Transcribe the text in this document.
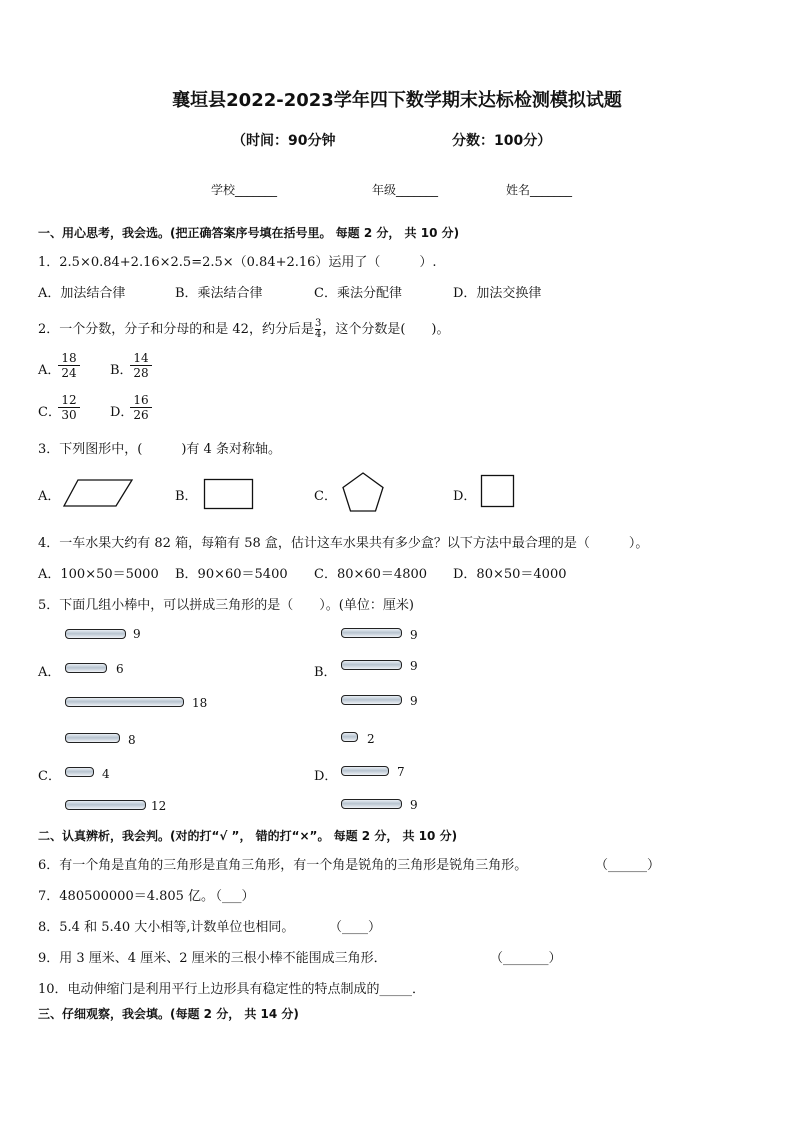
襄垣县2022-2023学年四下数学期末达标检测模拟试题
（时间：90分钟	分数：100分）
学校_______	年级_______	姓名_______
一、用心思考，我会选。(把正确答案序号填在括号里。 每题 2 分， 共 10 分)
1．2.5×0.84+2.16×2.5=2.5×（0.84+2.16）运用了（　　　）.
A．加法结合律	B．乘法结合律	C．乘法分配律	D．加法交换律
2．一个分数，分子和分母的和是 42，约分后是 $\frac{3}{4}$ ，这个分数是(　　)。
A．
$\frac{18}{24}$ B．
$\frac{14}{28}$
C．
$\frac{12}{30}$ D．
$\frac{16}{26}$
3．下列图形中，(　　　)有 4 条对称轴。
A．	B．	C．	D．
4．一车水果大约有 82 箱，每箱有 58 盒，估计这车水果共有多少盒？以下方法中最合理的是（　　　）。
A．100×50＝5000 B．90×60＝5400 C．80×60＝4800 D．80×50＝4000
5．下面几组小棒中，可以拼成三角形的是（　　）。(单位：厘米)
9
A．	6
18
9
B．	9
9
8
C．	4
12
2
D．	7
9
二、认真辨析，我会判。(对的打“√ ”， 错的打“×”。 每题 2 分， 共 10 分)
6．有一个角是直角的三角形是直角三角形，有一个角是锐角的三角形是锐角三角形。	（______）
7．480500000＝4.805 亿。
（___）
8．5.4 和 5.40 大小相等,计数单位也相同。	（____）
9．用 3 厘米、4 厘米、2 厘米的三根小棒不能围成三角形．	（_______）
10．电动伸缩门是利用平行上边形具有稳定性的特点制成的_____．
三、仔细观察，我会填。(每题 2 分， 共 14 分)
